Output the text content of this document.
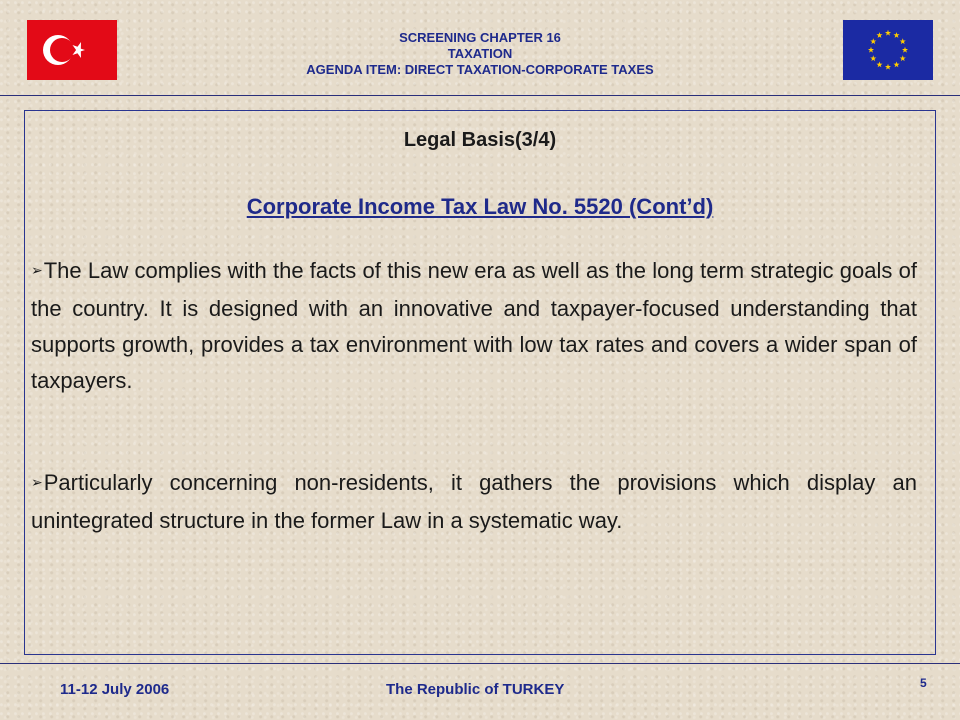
SCREENING CHAPTER 16
TAXATION
AGENDA ITEM: DIRECT TAXATION-CORPORATE TAXES
Legal Basis(3/4)
Corporate Income Tax Law No. 5520 (Cont’d)
➢The Law complies with the facts of this new era as well as the long term strategic goals of the country. It is designed with an innovative and taxpayer-focused understanding that supports growth, provides a tax environment with low tax rates and covers a wider span of taxpayers.
➢Particularly concerning non-residents, it gathers the provisions which display an unintegrated structure in the former Law in a systematic way.
11-12 July 2006	The Republic of TURKEY	5
